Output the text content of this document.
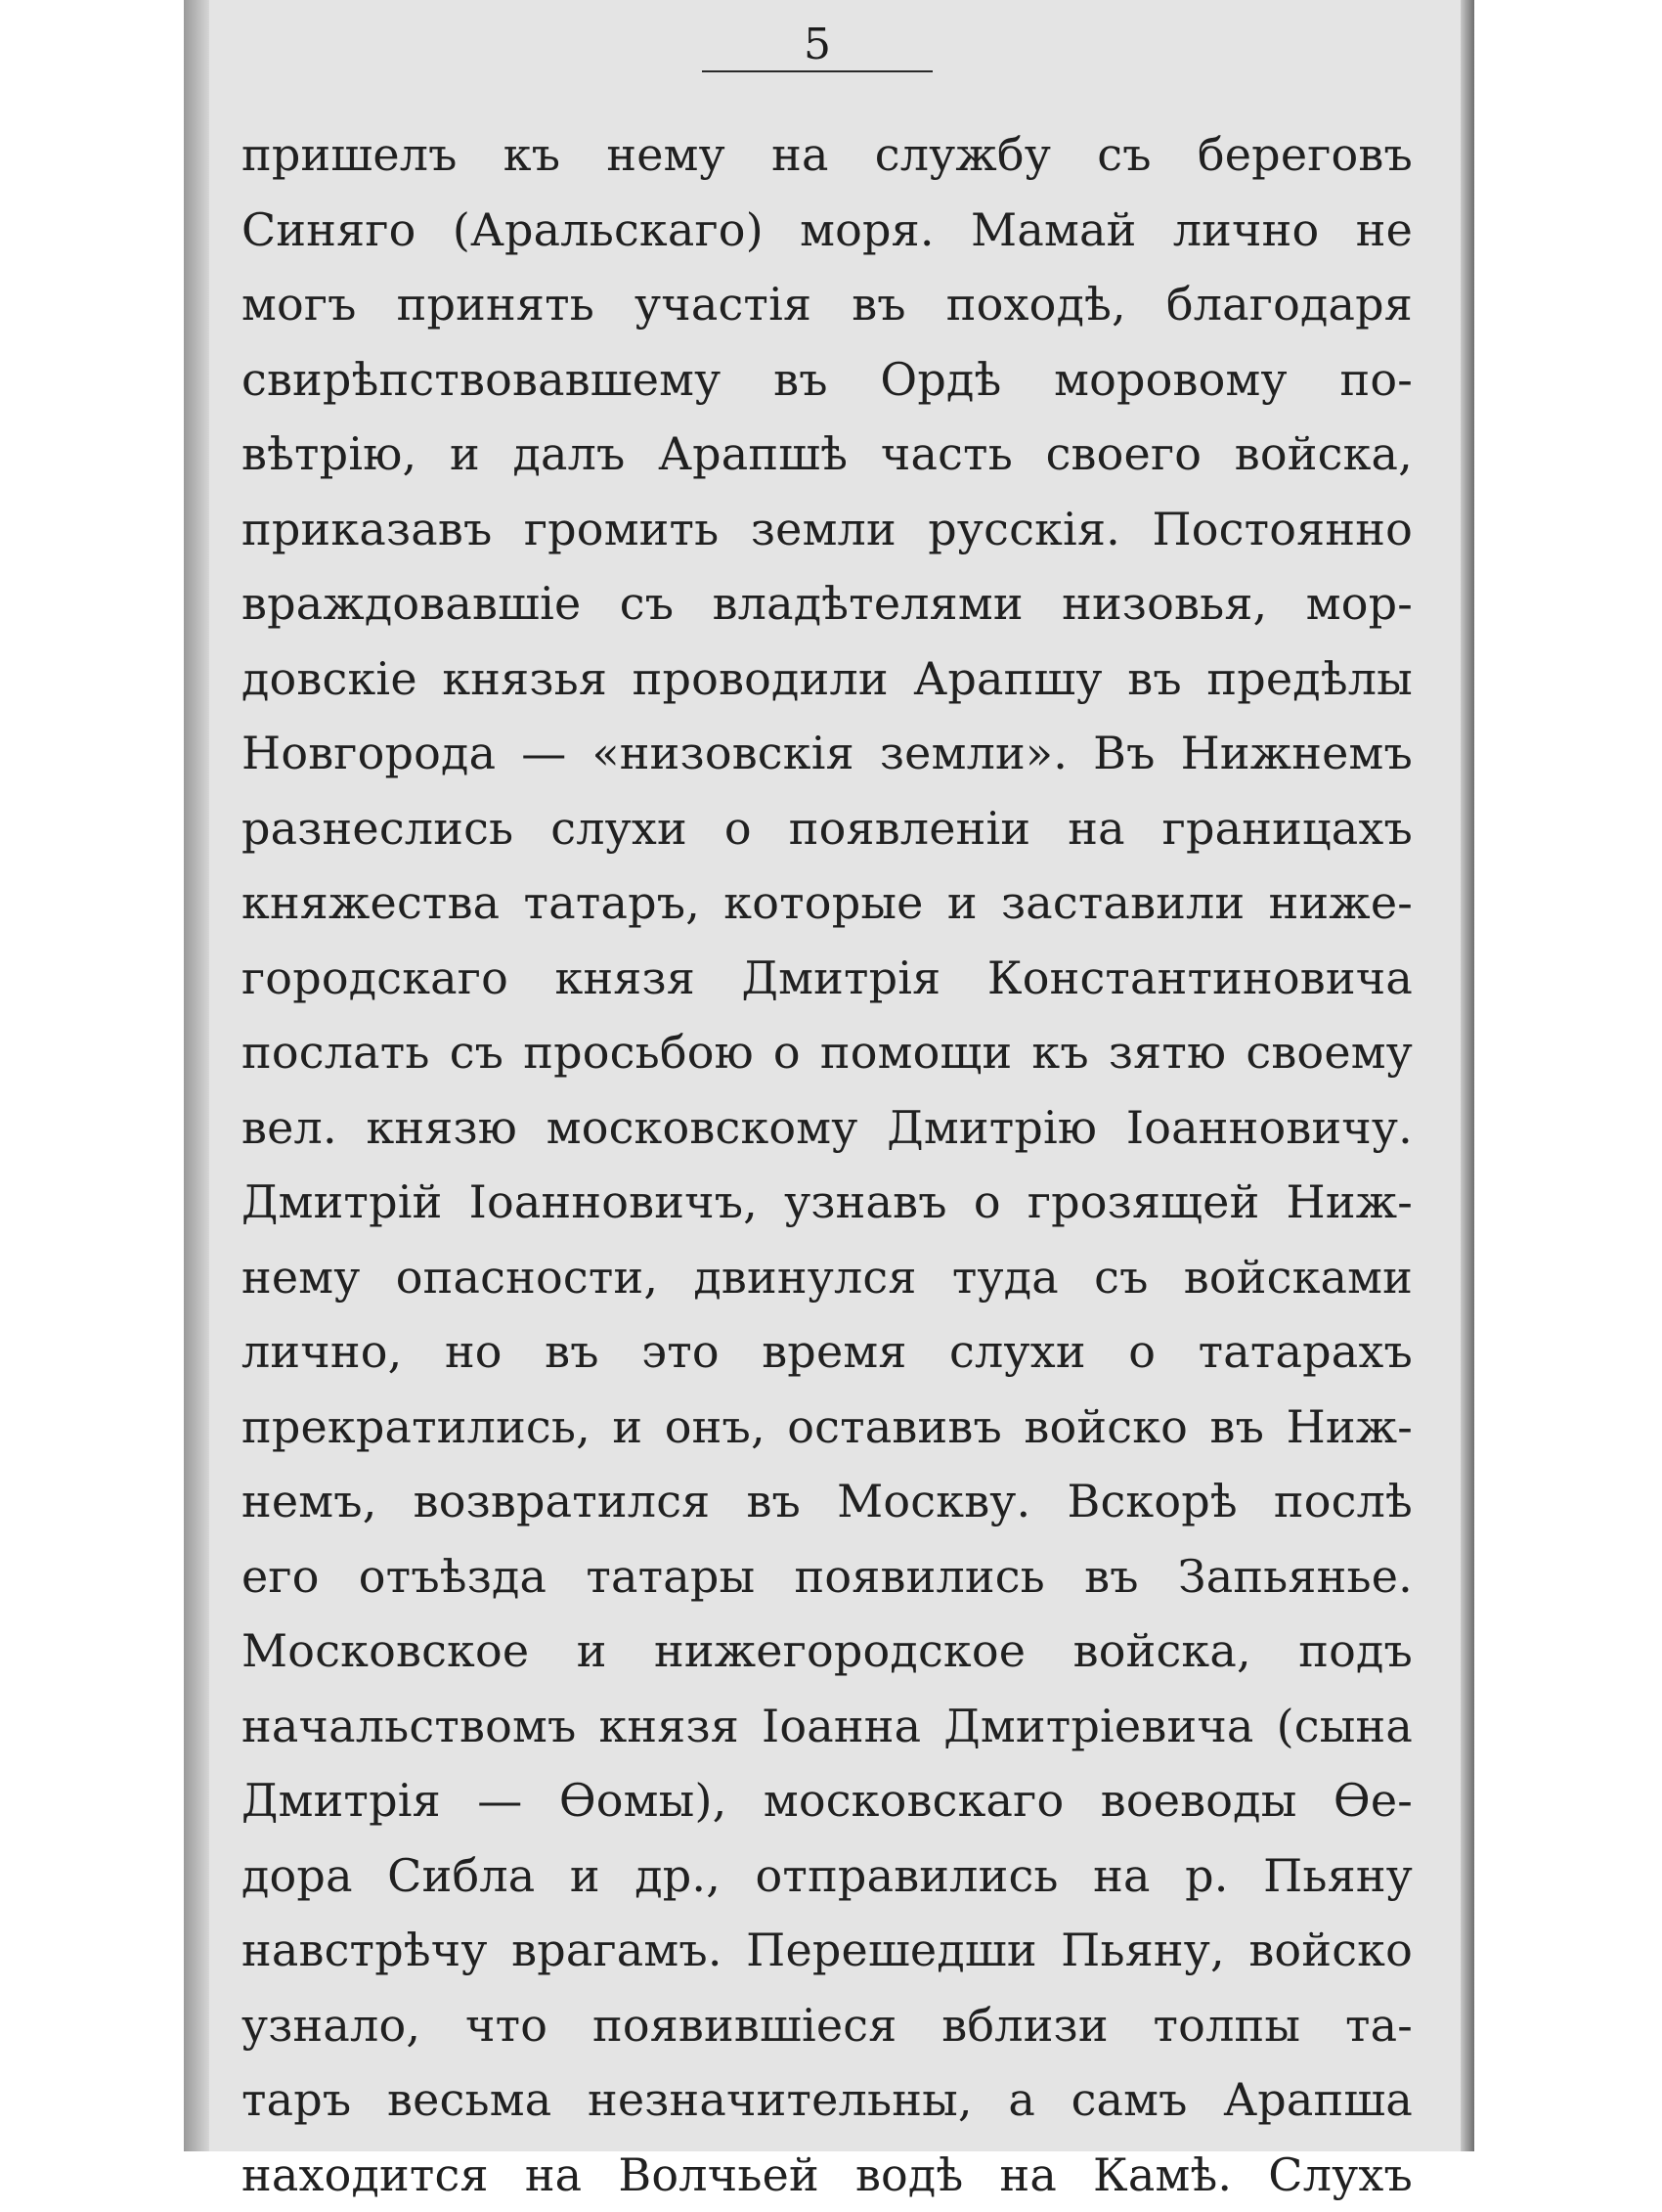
5
пришелъ къ нему на службу съ береговъ
Синяго (Аральскаго) моря. Мамай лично не
могъ принять участія въ походѣ, благодаря
свирѣпствовавшему въ Ордѣ моровому по-
вѣтрію, и далъ Арапшѣ часть своего войска,
приказавъ громить земли русскія. Постоянно
враждовавшіе съ владѣтелями низовья, мор-
довскіе князья проводили Арапшу въ предѣлы
Новгорода — «низовскія земли». Въ Нижнемъ
разнеслись слухи о появленіи на границахъ
княжества татаръ, которые и заставили ниже-
городскаго князя Дмитрія Константиновича
послать съ просьбою о помощи къ зятю своему
вел. князю московскому Дмитрію Іоанновичу.
Дмитрій Іоанновичъ, узнавъ о грозящей Ниж-
нему опасности, двинулся туда съ войсками
лично, но въ это время слухи о татарахъ
прекратились, и онъ, оставивъ войско въ Ниж-
немъ, возвратился въ Москву. Вскорѣ послѣ
его отъѣзда татары появились въ Запьянье.
Московское и нижегородское войска, подъ
начальствомъ князя Іоанна Дмитріевича (сына
Дмитрія — Ѳомы), московскаго воеводы Ѳе-
дора Сибла и др., отправились на р. Пьяну
навстрѣчу врагамъ. Перешедши Пьяну, войско
узнало, что появившіеся вблизи толпы та-
таръ весьма незначительны, а самъ Арапша
находится на Волчьей водѣ на Камѣ. Слухъ
